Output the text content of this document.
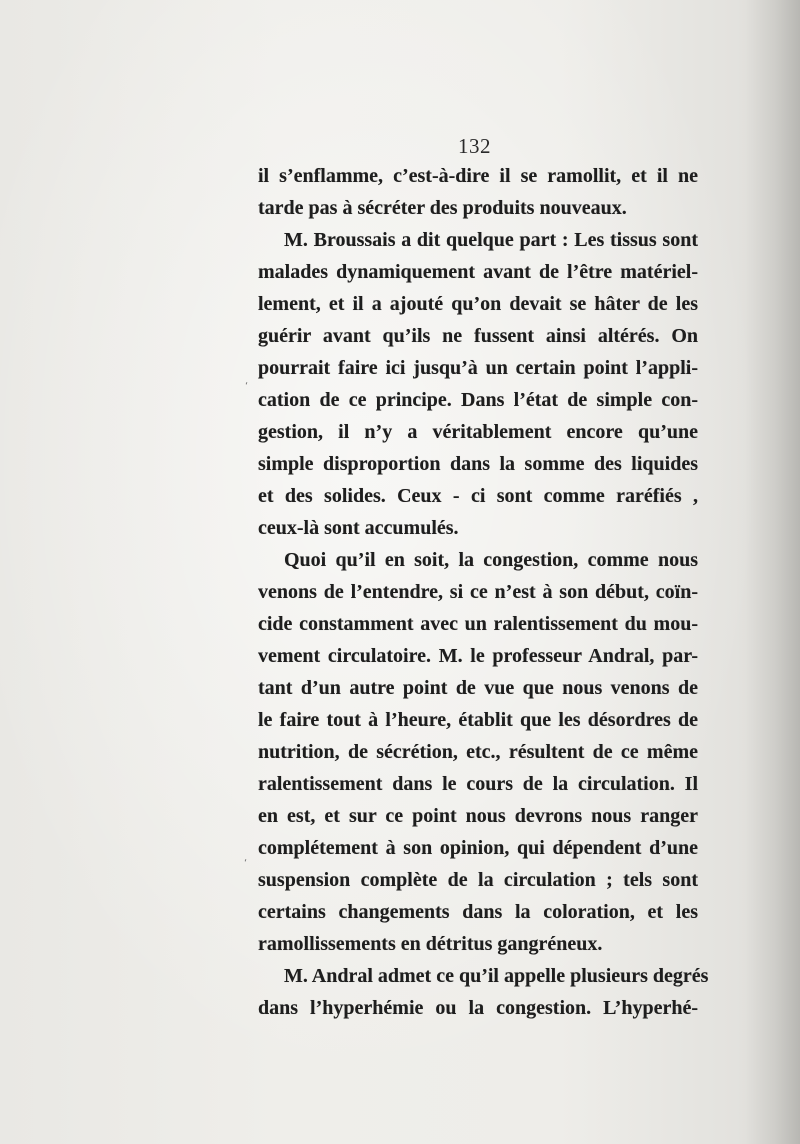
132
il s’enflamme, c’est-à-dire il se ramollit, et il ne
tarde pas à sécréter des produits nouveaux.
M. Broussais a dit quelque part : Les tissus sont
malades dynamiquement avant de l’être matériel-
lement, et il a ajouté qu’on devait se hâter de les
guérir avant qu’ils ne fussent ainsi altérés. On
pourrait faire ici jusqu’à un certain point l’appli-
cation de ce principe. Dans l’état de simple con-
gestion, il n’y a véritablement encore qu’une
simple disproportion dans la somme des liquides
et des solides. Ceux - ci sont comme raréfiés ,
ceux-là sont accumulés.
Quoi qu’il en soit, la congestion, comme nous
venons de l’entendre, si ce n’est à son début, coïn-
cide constamment avec un ralentissement du mou-
vement circulatoire. M. le professeur Andral, par-
tant d’un autre point de vue que nous venons de
le faire tout à l’heure, établit que les désordres de
nutrition, de sécrétion, etc., résultent de ce même
ralentissement dans le cours de la circulation. Il
en est, et sur ce point nous devrons nous ranger
complétement à son opinion, qui dépendent d’une
suspension complète de la circulation ; tels sont
certains changements dans la coloration, et les
ramollissements en détritus gangréneux.
M. Andral admet ce qu’il appelle plusieurs degrés
dans l’hyperhémie ou la congestion. L’hyperhé-
‘
‘
